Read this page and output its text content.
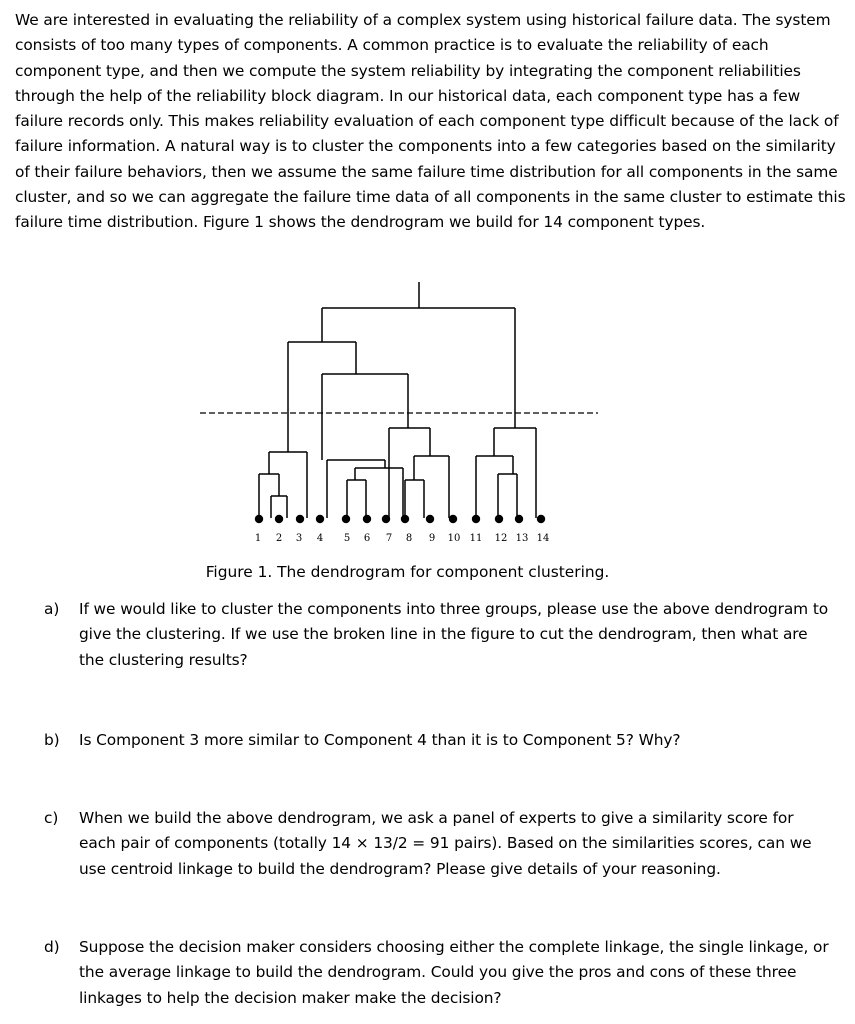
We are interested in evaluating the reliability of a complex system using historical failure data. The system consists of too many types of components. A common practice is to evaluate the reliability of each component type, and then we compute the system reliability by integrating the component reliabilities through the help of the reliability block diagram. In our historical data, each component type has a few failure records only. This makes reliability evaluation of each component type difficult because of the lack of failure information. A natural way is to cluster the components into a few categories based on the similarity of their failure behaviors, then we assume the same failure time distribution for all components in the same cluster, and so we can aggregate the failure time data of all components in the same cluster to estimate this failure time distribution. Figure 1 shows the dendrogram we build for 14 component types.

1 2 3 4 5 6 7 8 9 10 11 12 13 14
Figure 1. The dendrogram for component clustering.
a) If we would like to cluster the components into three groups, please use the above dendrogram to give the clustering. If we use the broken line in the figure to cut the dendrogram, then what are the clustering results?
b) Is Component 3 more similar to Component 4 than it is to Component 5? Why?
c) When we build the above dendrogram, we ask a panel of experts to give a similarity score for each pair of components (totally 14 × 13/2 = 91 pairs). Based on the similarities scores, can we use centroid linkage to build the dendrogram? Please give details of your reasoning.
d) Suppose the decision maker considers choosing either the complete linkage, the single linkage, or the average linkage to build the dendrogram. Could you give the pros and cons of these three linkages to help the decision maker make the decision?
